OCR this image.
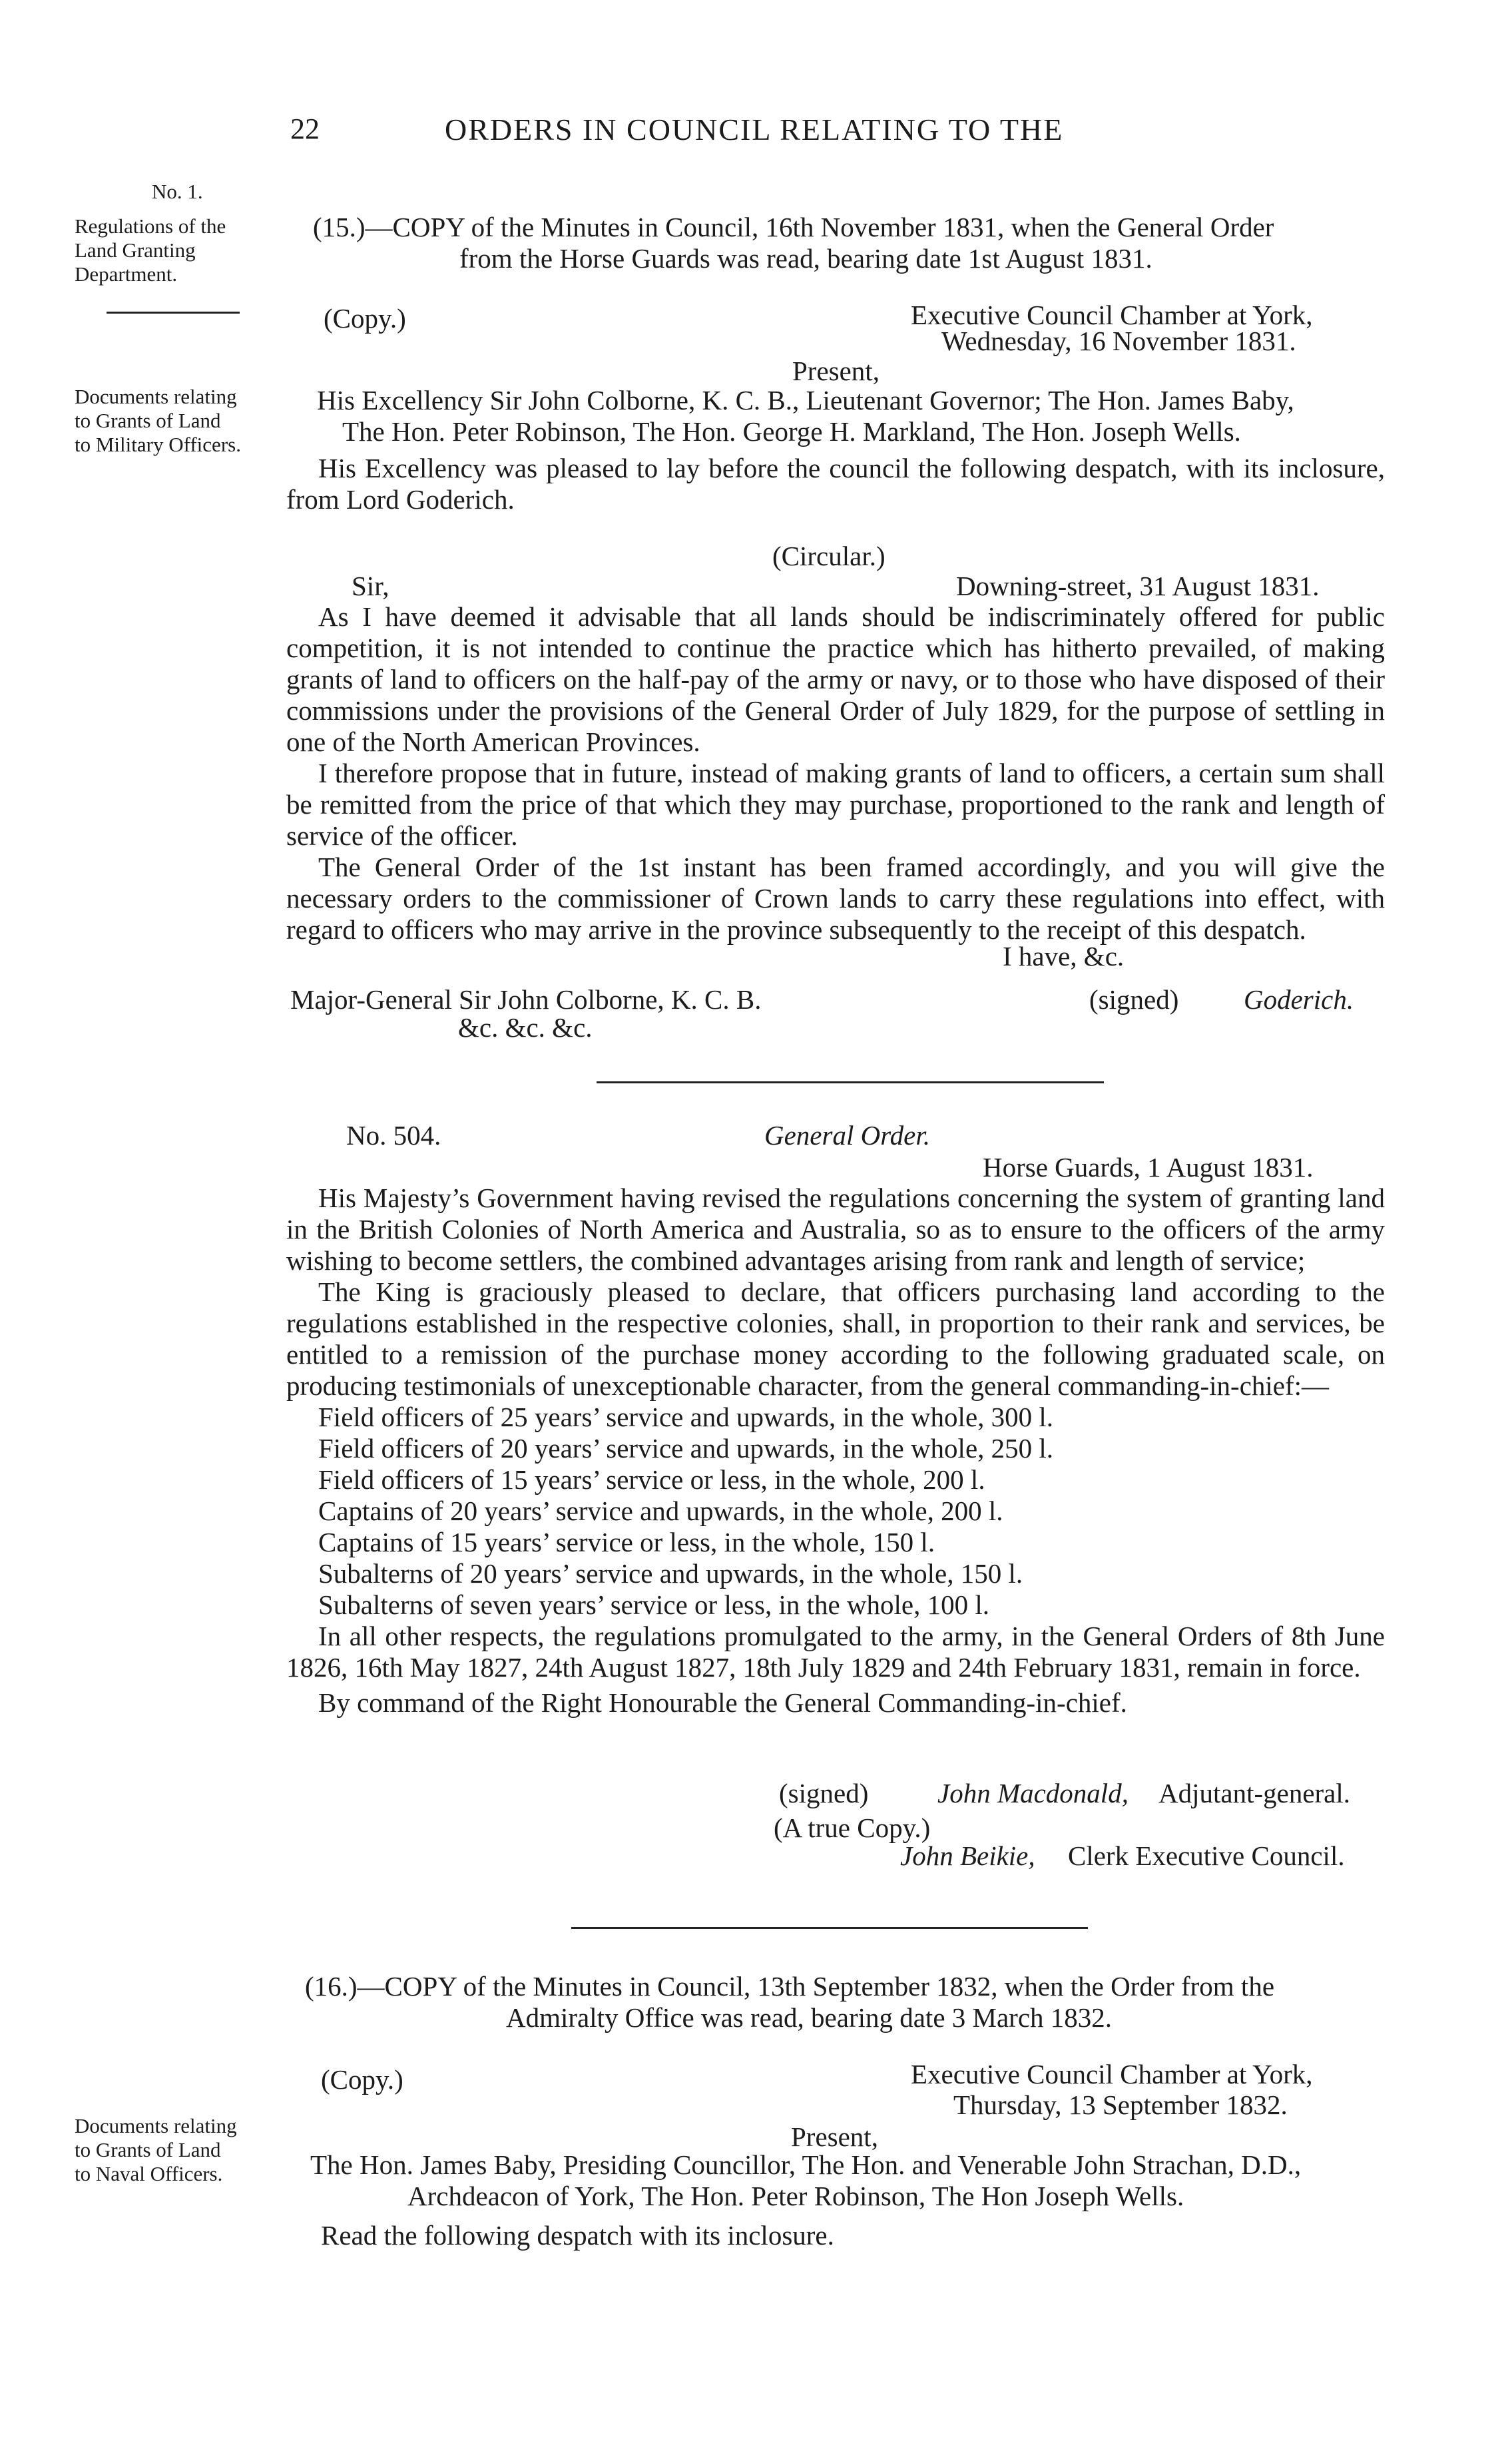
22	ORDERS IN COUNCIL RELATING TO THE
No. 1.
Regulations of the
Land Granting
Department.
Documents relating
to Grants of Land
to Military Officers.
Documents relating
to Grants of Land
to Naval Officers.
(15.)—COPY of the Minutes in Council, 16th November 1831, when the General Order
from the Horse Guards was read, bearing date 1st August 1831.
(Copy.)	Executive Council Chamber at York,
Wednesday, 16 November 1831.
Present,
His Excellency Sir John Colborne, K. C. B., Lieutenant Governor; The Hon. James Baby,
The Hon. Peter Robinson, The Hon. George H. Markland, The Hon. Joseph Wells.

His Excellency was pleased to lay before the council the following despatch, with its inclosure, from Lord Goderich.

(Circular.)
Sir,	Downing-street, 31 August 1831.

As I have deemed it advisable that all lands should be indiscriminately offered for public competition, it is not intended to continue the practice which has hitherto prevailed, of making grants of land to officers on the half-pay of the army or navy, or to those who have disposed of their commissions under the provisions of the General Order of July 1829, for the purpose of settling in one of the North American Provinces.

I therefore propose that in future, instead of making grants of land to officers, a certain sum shall be remitted from the price of that which they may purchase, proportioned to the rank and length of service of the officer.

The General Order of the 1st instant has been framed accordingly, and you will give the necessary orders to the commissioner of Crown lands to carry these regulations into effect, with regard to officers who may arrive in the province subsequently to the receipt of this despatch.

I have, &c.
Major-General Sir John Colborne, K. C. B.
&c. &c. &c.
(signed) Goderich.
No. 504.	General Order.
Horse Guards, 1 August 1831.

His Majesty’s Government having revised the regulations concerning the system of granting land in the British Colonies of North America and Australia, so as to ensure to the officers of the army wishing to become settlers, the combined advantages arising from rank and length of service;

The King is graciously pleased to declare, that officers purchasing land according to the regulations established in the respective colonies, shall, in proportion to their rank and services, be entitled to a remission of the purchase money according to the following graduated scale, on producing testimonials of unexceptionable character, from the general commanding-in-chief:—

Field officers of 25 years’ service and upwards, in the whole, 300 l.
Field officers of 20 years’ service and upwards, in the whole, 250 l.
Field officers of 15 years’ service or less, in the whole, 200 l.
Captains of 20 years’ service and upwards, in the whole, 200 l.
Captains of 15 years’ service or less, in the whole, 150 l.
Subalterns of 20 years’ service and upwards, in the whole, 150 l.
Subalterns of seven years’ service or less, in the whole, 100 l.

In all other respects, the regulations promulgated to the army, in the General Orders of 8th June 1826, 16th May 1827, 24th August 1827, 18th July 1829 and 24th February 1831, remain in force.

By command of the Right Honourable the General Commanding-in-chief.

(signed)	John Macdonald, Adjutant-general.
(A true Copy.)
John Beikie, Clerk Executive Council.
(16.)—COPY of the Minutes in Council, 13th September 1832, when the Order from the
Admiralty Office was read, bearing date 3 March 1832.
(Copy.)	Executive Council Chamber at York,
Thursday, 13 September 1832.
Present,
The Hon. James Baby, Presiding Councillor, The Hon. and Venerable John Strachan, D.D.,
Archdeacon of York, The Hon. Peter Robinson, The Hon Joseph Wells.
Read the following despatch with its inclosure.
